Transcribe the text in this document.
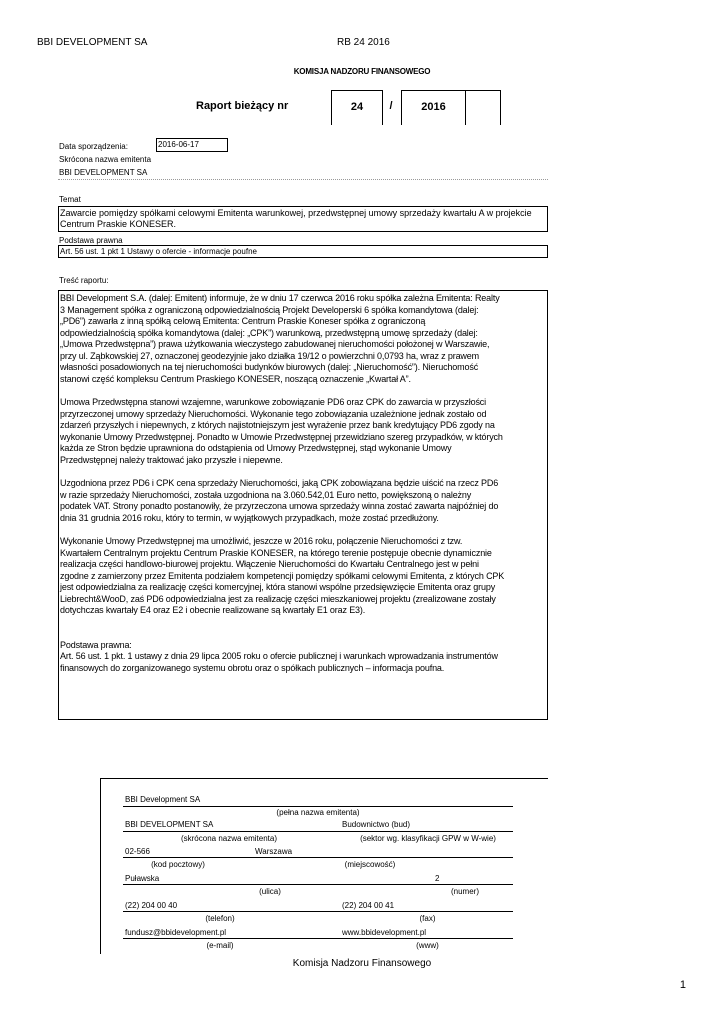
BBI DEVELOPMENT SA	RB 24 2016
KOMISJA NADZORU FINANSOWEGO
Raport bieżący nr	24	/	2016
Data sporządzenia:	2016-06-17
Skrócona nazwa emitenta
BBI DEVELOPMENT SA
Temat
Zawarcie pomiędzy spółkami celowymi Emitenta warunkowej, przedwstępnej umowy sprzedaży kwartału A w projekcie Centrum Praskie KONESER.
Podstawa prawna
Art. 56 ust. 1 pkt 1 Ustawy o ofercie - informacje poufne
Treść raportu:

BBI Development S.A. (dalej: Emitent) informuje, że w dniu 17 czerwca 2016 roku spółka zależna Emitenta: Realty
3 Management spółka z ograniczoną odpowiedzialnością Projekt Developerski 6 spółka komandytowa (dalej:
„PD6”) zawarła z inną spółką celową Emitenta: Centrum Praskie Koneser spółka z ograniczoną
odpowiedzialnością spółka komandytowa (dalej: „CPK”) warunkową, przedwstępną umowę sprzedaży (dalej:
„Umowa Przedwstępna”) prawa użytkowania wieczystego zabudowanej nieruchomości położonej w Warszawie,
przy ul. Ząbkowskiej 27, oznaczonej geodezyjnie jako działka 19/12 o powierzchni 0,0793 ha, wraz z prawem
własności posadowionych na tej nieruchomości budynków biurowych (dalej: „Nieruchomość”). Nieruchomość
stanowi część kompleksu Centrum Praskiego KONESER, noszącą oznaczenie „Kwartał A”.

Umowa Przedwstępna stanowi wzajemne, warunkowe zobowiązanie PD6 oraz CPK do zawarcia w przyszłości
przyrzeczonej umowy sprzedaży Nieruchomości. Wykonanie tego zobowiązania uzależnione jednak zostało od
zdarzeń przyszłych i niepewnych, z których najistotniejszym jest wyrażenie przez bank kredytujący PD6 zgody na
wykonanie Umowy Przedwstępnej. Ponadto w Umowie Przedwstępnej przewidziano szereg przypadków, w których
każda ze Stron będzie uprawniona do odstąpienia od Umowy Przedwstępnej, stąd wykonanie Umowy
Przedwstępnej należy traktować jako przyszłe i niepewne.

Uzgodniona przez PD6 i CPK cena sprzedaży Nieruchomości, jaką CPK zobowiązana będzie uiścić na rzecz PD6
w razie sprzedaży Nieruchomości, została uzgodniona na 3.060.542,01 Euro netto, powiększoną o należny
podatek VAT. Strony ponadto postanowiły, że przyrzeczona umowa sprzedaży winna zostać zawarta najpóźniej do
dnia 31 grudnia 2016 roku, który to termin, w wyjątkowych przypadkach, może zostać przedłużony.

Wykonanie Umowy Przedwstępnej ma umożliwić, jeszcze w 2016 roku, połączenie Nieruchomości z tzw.
Kwartałem Centralnym projektu Centrum Praskie KONESER, na którego terenie postępuje obecnie dynamicznie
realizacja części handlowo-biurowej projektu. Włączenie Nieruchomości do Kwartału Centralnego jest w pełni
zgodne z zamierzony przez Emitenta podziałem kompetencji pomiędzy spółkami celowymi Emitenta, z których CPK
jest odpowiedzialna za realizację części komercyjnej, która stanowi wspólne przedsięwzięcie Emitenta oraz grupy
Liebrecht&WooD, zaś PD6 odpowiedzialna jest za realizację części mieszkaniowej projektu (zrealizowane zostały
dotychczas kwartały E4 oraz E2 i obecnie realizowane są kwartały E1 oraz E3).

Podstawa prawna:
Art. 56 ust. 1 pkt. 1 ustawy z dnia 29 lipca 2005 roku o ofercie publicznej i warunkach wprowadzania instrumentów
finansowych do zorganizowanego systemu obrotu oraz o spółkach publicznych – informacja poufna.
BBI Development SA
(pełna nazwa emitenta)
BBI DEVELOPMENT SA	Budownictwo (bud)
(skrócona nazwa emitenta)	(sektor wg. klasyfikacji GPW w W-wie)
02-566	Warszawa
(kod pocztowy)	(miejscowość)
Puławska	2
(ulica)	(numer)
(22) 204 00 40	(22) 204 00 41
(telefon)	(fax)
fundusz@bbidevelopment.pl	www.bbidevelopment.pl
(e-mail)	(www)
Komisja Nadzoru Finansowego
1
